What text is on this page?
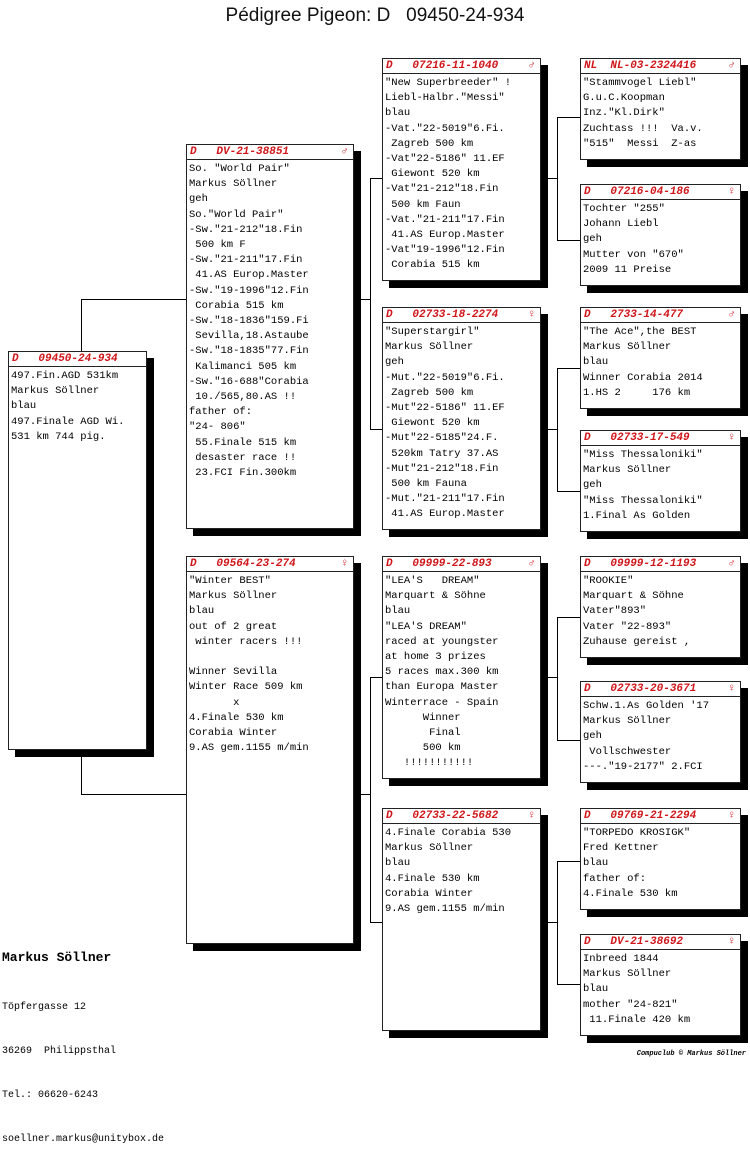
Pédigree Pigeon: D   09450-24-934
D   09450-24-934
497.Fin.AGD 531km
Markus Söllner
blau
497.Finale AGD Wi.
531 km 744 pig.
D   DV-21-38851	♂
So. "World Pair"
Markus Söllner
geh
So."World Pair"
-Sw."21-212"18.Fin
500 km F
-Sw."21-211"17.Fin
41.AS Europ.Master
-Sw."19-1996"12.Fin
Corabia 515 km
-Sw."18-1836"159.Fi
Sevilla,18.Astaube
-Sw."18-1835"77.Fin
Kalimanci 505 km
-Sw."16-688"Corabia
10./565,80.AS !!
father of:
"24- 806"
55.Finale 515 km
desaster race !!
23.FCI Fin.300km
D   09564-23-274	♀
"Winter BEST"
Markus Söllner
blau
out of 2 great
winter racers !!!

Winner Sevilla
Winter Race 509 km
x
4.Finale 530 km
Corabia Winter
9.AS gem.1155 m/min
D   07216-11-1040	♂
"New Superbreeder" !
Liebl-Halbr."Messi"
blau
-Vat."22-5019"6.Fi.
Zagreb 500 km
-Vat"22-5186" 11.EF
Giewont 520 km
-Vat"21-212"18.Fin
500 km Faun
-Vat."21-211"17.Fin
41.AS Europ.Master
-Vat"19-1996"12.Fin
Corabia 515 km
D   02733-18-2274	♀
"Superstargirl"
Markus Söllner
geh
-Mut."22-5019"6.Fi.
Zagreb 500 km
-Mut"22-5186" 11.EF
Giewont 520 km
-Mut"22-5185"24.F.
520km Tatry 37.AS
-Mut"21-212"18.Fin
500 km Fauna
-Mut."21-211"17.Fin
41.AS Europ.Master
D   09999-22-893	♂
"LEA'S   DREAM"
Marquart & Söhne
blau
"LEA'S DREAM"
raced at youngster
at home 3 prizes
5 races max.300 km
than Europa Master
Winterrace - Spain
Winner
Final
500 km
!!!!!!!!!!!
D   02733-22-5682	♀
4.Finale Corabia 530
Markus Söllner
blau
4.Finale 530 km
Corabia Winter
9.AS gem.1155 m/min
NL  NL-03-2324416	♂
"Stammvogel Liebl"
G.u.C.Koopman
Inz."Kl.Dirk"
Zuchtass !!!  Va.v.
"515"  Messi  Z-as
D   07216-04-186	♀
Tochter "255"
Johann Liebl
geh
Mutter von "670"
2009 11 Preise
D   2733-14-477	♂
"The Ace",the BEST
Markus Söllner
blau
Winner Corabia 2014
1.HS 2     176 km
D   02733-17-549	♀
"Miss Thessaloniki"
Markus Söllner
geh
"Miss Thessaloniki"
1.Final As Golden
D   09999-12-1193	♂
"ROOKIE"
Marquart & Söhne
Vater"893"
Vater "22-893"
Zuhause gereist ,
D   02733-20-3671	♀
Schw.1.As Golden '17
Markus Söllner
geh
Vollschwester
---."19-2177" 2.FCI
D   09769-21-2294	♀
"TORPEDO KROSIGK"
Fred Kettner
blau
father of:
4.Finale 530 km
D   DV-21-38692	♀
Inbreed 1844
Markus Söllner
blau
mother "24-821"
11.Finale 420 km
Markus Söllner

Töpfergasse 12

36269  Philippsthal

Tel.: 06620-6243

soellner.markus@unitybox.de

Compuclub © Markus Söllner
